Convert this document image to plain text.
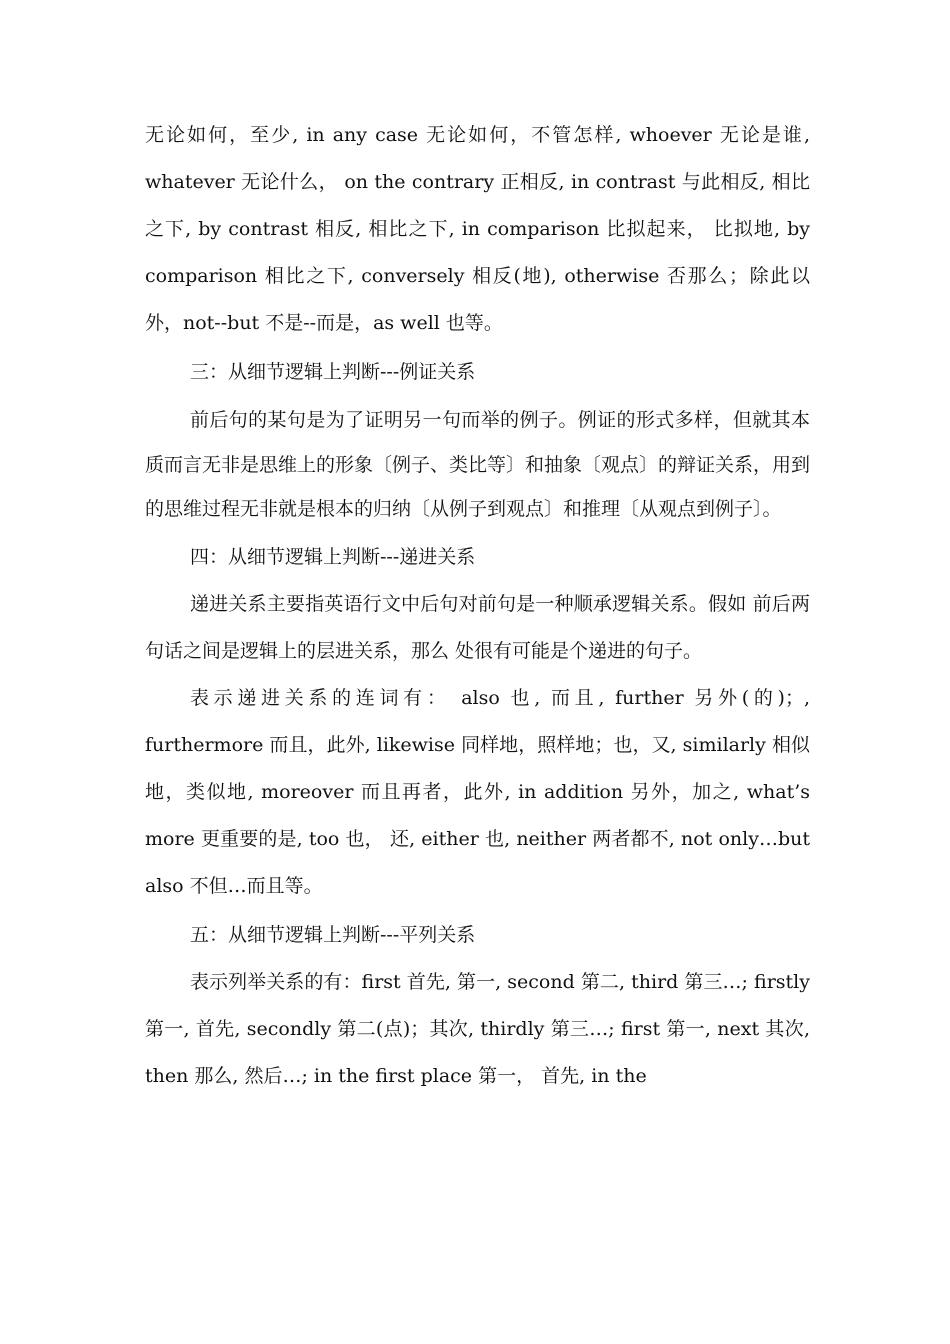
无论如何，至少, in any case 无论如何，不管怎样, whoever 无论是谁, whatever 无论什么， on the contrary 正相反, in contrast 与此相反, 相比之下, by contrast 相反, 相比之下, in comparison 比拟起来， 比拟地, by comparison 相比之下, conversely 相反(地), otherwise 否那么；除此以外，not--but 不是--而是，as well 也等。

三：从细节逻辑上判断---例证关系

前后句的某句是为了证明另一句而举的例子。例证的形式多样，但就其本质而言无非是思维上的形象〔例子、类比等〕和抽象〔观点〕的辩证关系，用到的思维过程无非就是根本的归纳〔从例子到观点〕和推理〔从观点到例子〕。

四：从细节逻辑上判断---递进关系

递进关系主要指英语行文中后句对前句是一种顺承逻辑关系。假如 前后两句话之间是逻辑上的层进关系，那么 处很有可能是个递进的句子。

表示递进关系的连词有： also 也, 而且, further 另外(的)；, furthermore 而且，此外, likewise 同样地，照样地；也，又, similarly 相似地，类似地, moreover 而且再者，此外, in addition 另外，加之, what’s more 更重要的是, too 也， 还, either 也, neither 两者都不, not only…but also 不但…而且等。

五：从细节逻辑上判断---平列关系

表示列举关系的有：first 首先, 第一, second 第二, third 第三…; firstly 第一, 首先, secondly 第二(点)；其次, thirdly 第三…; first 第一, next 其次, then 那么, 然后…; in the first place 第一， 首先, in the
